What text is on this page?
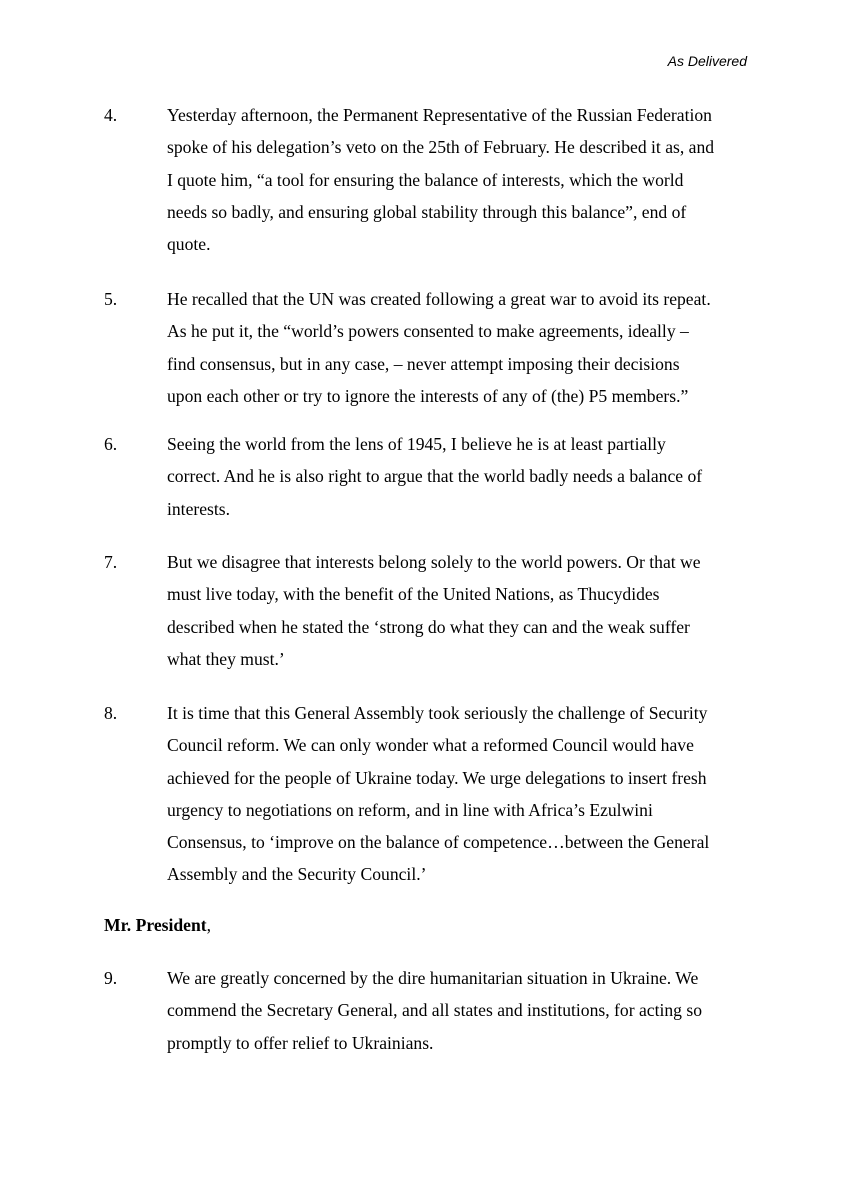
As Delivered
4.	Yesterday afternoon, the Permanent Representative of the Russian Federation
spoke of his delegation’s veto on the 25th of February. He described it as, and
I quote him, “a tool for ensuring the balance of interests, which the world
needs so badly, and ensuring global stability through this balance”, end of
quote.
5.	He recalled that the UN was created following a great war to avoid its repeat.
As he put it, the “world’s powers consented to make agreements, ideally –
find consensus, but in any case, – never attempt imposing their decisions
upon each other or try to ignore the interests of any of (the) P5 members.”
6.	Seeing the world from the lens of 1945, I believe he is at least partially
correct. And he is also right to argue that the world badly needs a balance of
interests.
7.	But we disagree that interests belong solely to the world powers. Or that we
must live today, with the benefit of the United Nations, as Thucydides
described when he stated the ‘strong do what they can and the weak suffer
what they must.’
8.	It is time that this General Assembly took seriously the challenge of Security
Council reform. We can only wonder what a reformed Council would have
achieved for the people of Ukraine today. We urge delegations to insert fresh
urgency to negotiations on reform, and in line with Africa’s Ezulwini
Consensus, to ‘improve on the balance of competence…between the General
Assembly and the Security Council.’
Mr. President,
9.	We are greatly concerned by the dire humanitarian situation in Ukraine. We
commend the Secretary General, and all states and institutions, for acting so
promptly to offer relief to Ukrainians.
